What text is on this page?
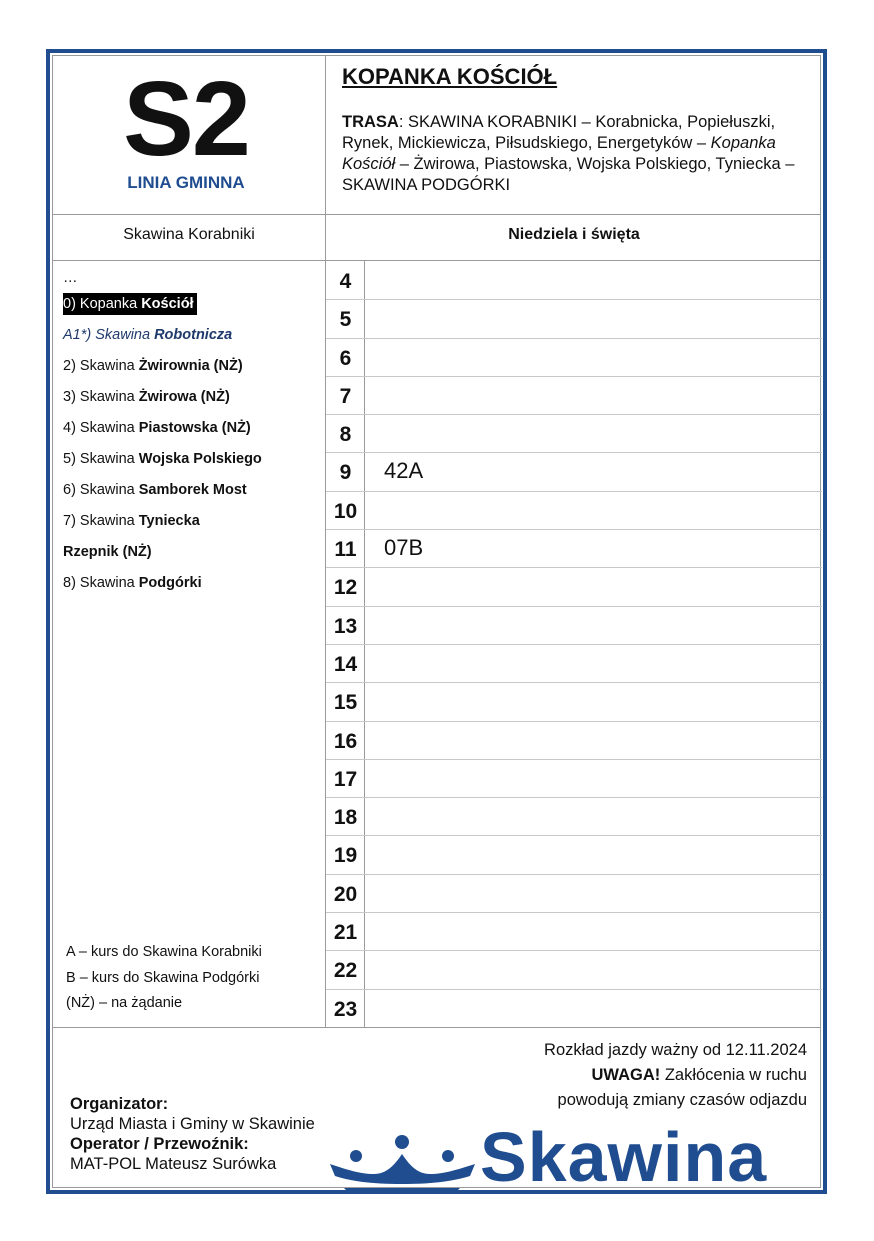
S2
LINIA GMINNA
KOPANKA KOŚCIÓŁ
TRASA: SKAWINA KORABNIKI – Korabnicka, Popiełuszki, Rynek, Mickiewicza, Piłsudskiego, Energetyków – Kopanka Kościół – Żwirowa, Piastowska, Wojska Polskiego, Tyniecka – SKAWINA PODGÓRKI
Skawina Korabniki	Niedziela i święta
…
0) Kopanka Kościół
A1*) Skawina Robotnicza
2) Skawina Żwirownia (NŻ)
3) Skawina Żwirowa (NŻ)
4) Skawina Piastowska (NŻ)
5) Skawina Wojska Polskiego
6) Skawina Samborek Most
7) Skawina Tyniecka
Rzepnik (NŻ)
8) Skawina Podgórki
4
5
6
7
8
9	42A
10
11	07B
12
13
14
15
16
17
18
19
20
21
22
23
A – kurs do Skawina Korabniki
B – kurs do Skawina Podgórki
(NŻ) – na żądanie
Rozkład jazdy ważny od 12.11.2024
UWAGA! Zakłócenia w ruchu
powodują zmiany czasów odjazdu
Organizator:
Urząd Miasta i Gminy w Skawinie
Operator / Przewoźnik:
MAT-POL Mateusz Surówka	Skawina
